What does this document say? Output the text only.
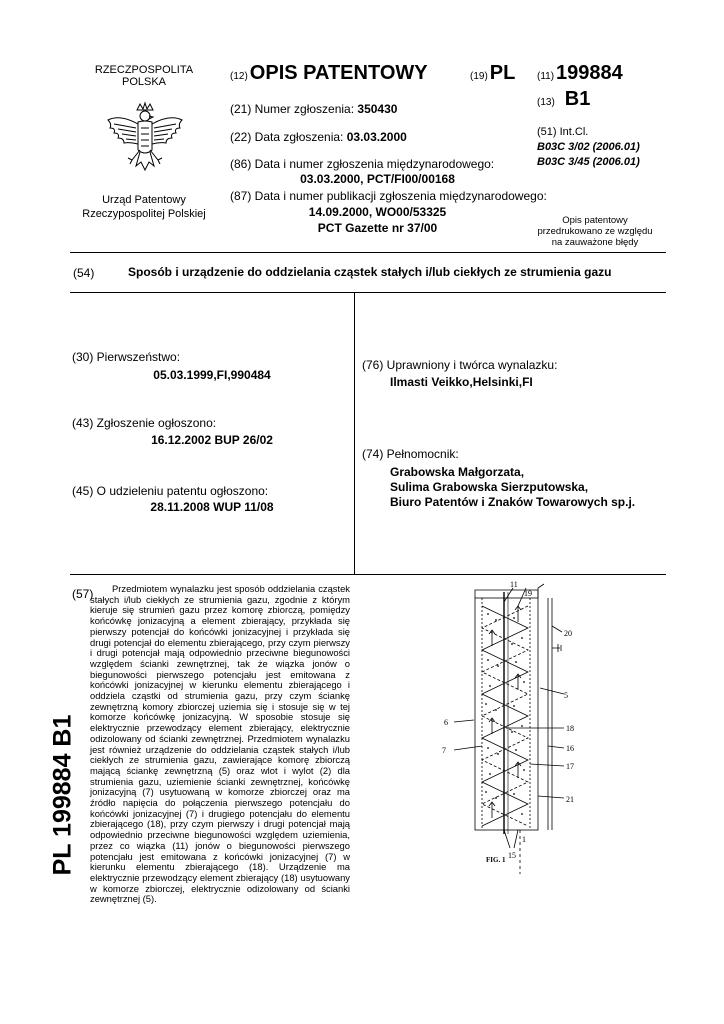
RZECZPOSPOLITA
POLSKA
Urząd Patentowy
Rzeczypospolitej Polskiej
(12) OPIS PATENTOWY	(19) PL
(21) Numer zgłoszenia: 350430
(22) Data zgłoszenia: 03.03.2000
(86) Data i numer zgłoszenia międzynarodowego:
03.03.2000, PCT/FI00/00168
(87) Data i numer publikacji zgłoszenia międzynarodowego:
14.09.2000, WO00/53325
PCT Gazette nr 37/00
(11) 199884
(13) B1
(51) Int.Cl.
B03C 3/02 (2006.01)
B03C 3/45 (2006.01)
Opis patentowy
przedrukowano ze względu
na zauważone błędy
(54)	Sposób i urządzenie do oddzielania cząstek stałych i/lub ciekłych ze strumienia gazu
(30) Pierwszeństwo:
05.03.1999,FI,990484
(43) Zgłoszenie ogłoszono:
16.12.2002 BUP 26/02
(45) O udzieleniu patentu ogłoszono:
28.11.2008 WUP 11/08
(76) Uprawniony i twórca wynalazku:
Ilmasti Veikko,Helsinki,FI
(74) Pełnomocnik:
Grabowska Małgorzata,
Sulima Grabowska Sierzputowska,
Biuro Patentów i Znaków Towarowych sp.j.
(57)	Przedmiotem wynalazku jest sposób oddzielania cząstek stałych i/lub ciekłych ze strumienia gazu, zgodnie z którym kieruje się strumień gazu przez komorę zbiorczą, pomiędzy końcówkę jonizacyjną a element zbierający, przykłada się pierwszy potencjał do końcówki jonizacyjnej i przykłada się drugi potencjał do elementu zbierającego, przy czym pierwszy i drugi potencjał mają odpowiednio przeciwne biegunowości względem ścianki zewnętrznej, tak że wiązka jonów o biegunowości pierwszego potencjału jest emitowana z końcówki jonizacyjnej w kierunku elementu zbierającego i oddziela cząstki od strumienia gazu, przy czym ściankę zewnętrzną komory zbiorczej uziemia się i stosuje się w tej komorze końcówkę jonizacyjną. W sposobie stosuje się elektrycznie przewodzący element zbierający, elektrycznie odizolowany od ścianki zewnętrznej. Przedmiotem wynalazku jest również urządzenie do oddzielania cząstek stałych i/lub ciekłych ze strumienia gazu, zawierające komorę zbiorczą mającą ściankę zewnętrzną (5) oraz wlot i wylot (2) dla strumienia gazu, uziemienie ścianki zewnętrznej, końcówkę jonizacyjną (7) usytuowaną w komorze zbiorczej oraz ma źródło napięcia do połączenia pierwszego potencjału do końcówki jonizacyjnej (7) i drugiego potencjału do elementu zbierającego (18), przy czym pierwszy i drugi potencjał mają odpowiednio przeciwne biegunowości względem uziemienia, przez co wiązka (11) jonów o biegunowości pierwszego potencjału jest emitowana z końcówki jonizacyjnej (7) w kierunku elementu zbierającego (18). Urządzenie ma elektrycznie przewodzący element zbierający (18) usytuowany w komorze zbiorczej, elektrycznie odizolowany od ścianki zewnętrznej (5).

PL 199884 B1
11
19
20
5
6
18
7	16
17
21
15
1
FIG. 1
